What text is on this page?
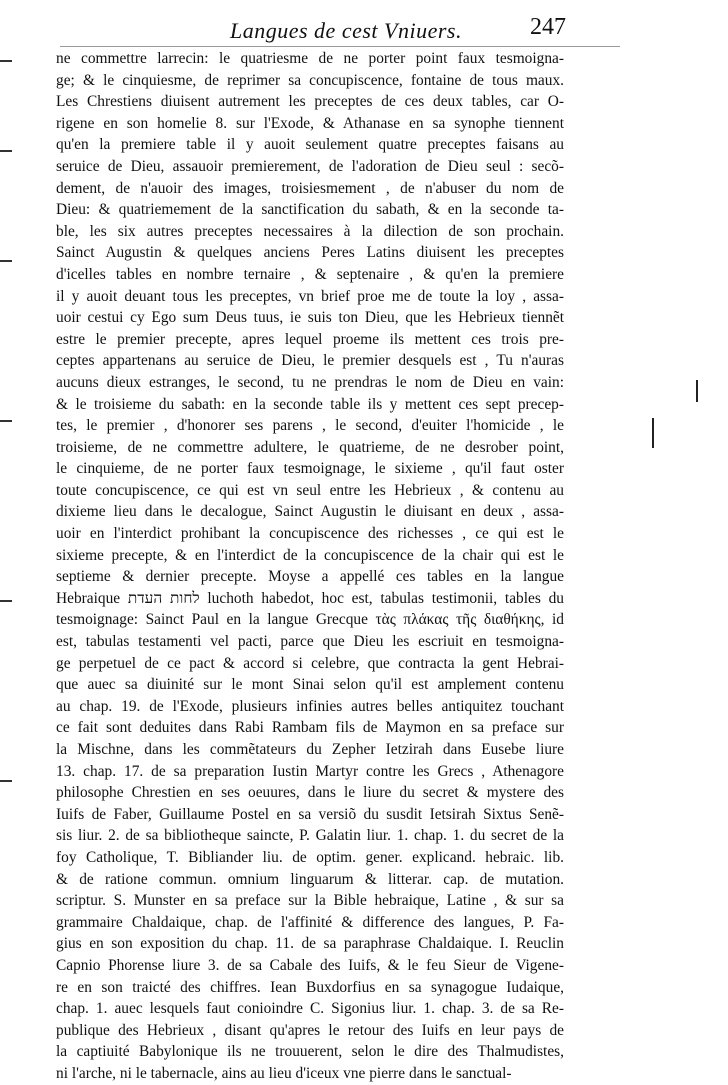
Langues de cest Vniuers.	247
ne commettre larrecin: le quatriesme de ne porter point faux tesmoigna-
ge; & le cinquiesme, de reprimer sa concupiscence, fontaine de tous maux.
Les Chrestiens diuisent autrement les preceptes de ces deux tables, car O-
rigene en son homelie 8. sur l'Exode, & Athanase en sa synophe tiennent
qu'en la premiere table il y auoit seulement quatre preceptes faisans au
seruice de Dieu, assauoir premierement, de l'adoration de Dieu seul : secõ-
dement, de n'auoir des images, troisiesmement , de n'abuser du nom de
Dieu: & quatriemement de la sanctification du sabath, & en la seconde ta-
ble, les six autres preceptes necessaires à la dilection de son prochain.
Sainct Augustin & quelques anciens Peres Latins diuisent les preceptes
d'icelles tables en nombre ternaire , & septenaire , & qu'en la premiere
il y auoit deuant tous les preceptes, vn brief proe me de toute la loy , assa-
uoir cestui cy Ego sum Deus tuus, ie suis ton Dieu, que les Hebrieux tiennẽt
estre le premier precepte, apres lequel proeme ils mettent ces trois pre-
ceptes appartenans au seruice de Dieu, le premier desquels est , Tu n'auras
aucuns dieux estranges, le second, tu ne prendras le nom de Dieu en vain:
& le troisieme du sabath: en la seconde table ils y mettent ces sept precep-
tes, le premier , d'honorer ses parens , le second, d'euiter l'homicide , le
troisieme, de ne commettre adultere, le quatrieme, de ne desrober point,
le cinquieme, de ne porter faux tesmoignage, le sixieme , qu'il faut oster
toute concupiscence, ce qui est vn seul entre les Hebrieux , & contenu au
dixieme lieu dans le decalogue, Sainct Augustin le diuisant en deux , assa-
uoir en l'interdict prohibant la concupiscence des richesses , ce qui est le
sixieme precepte, & en l'interdict de la concupiscence de la chair qui est le
septieme & dernier precepte. Moyse a appellé ces tables en la langue
Hebraique לחות העדת luchoth habedot, hoc est, tabulas testimonii, tables du
tesmoignage: Sainct Paul en la langue Grecque τὰς πλάκας τῆς διαθήκης, id
est, tabulas testamenti vel pacti, parce que Dieu les escriuit en tesmoigna-
ge perpetuel de ce pact & accord si celebre, que contracta la gent Hebrai-
que auec sa diuinité sur le mont Sinai selon qu'il est amplement contenu
au chap. 19. de l'Exode, plusieurs infinies autres belles antiquitez touchant
ce fait sont deduites dans Rabi Rambam fils de Maymon en sa preface sur
la Mischne, dans les commẽtateurs du Zepher Ietzirah dans Eusebe liure
13. chap. 17. de sa preparation Iustin Martyr contre les Grecs , Athenagore
philosophe Chrestien en ses oeuures, dans le liure du secret & mystere des
Iuifs de Faber, Guillaume Postel en sa versiõ du susdit Ietsirah Sixtus Senẽ-
sis liur. 2. de sa bibliotheque saincte, P. Galatin liur. 1. chap. 1. du secret de la
foy Catholique, T. Bibliander liu. de optim. gener. explicand. hebraic. lib.
& de ratione commun. omnium linguarum & litterar. cap. de mutation.
scriptur. S. Munster en sa preface sur la Bible hebraique, Latine , & sur sa
grammaire Chaldaique, chap. de l'affinité & difference des langues, P. Fa-
gius en son exposition du chap. 11. de sa paraphrase Chaldaique. I. Reuclin
Capnio Phorense liure 3. de sa Cabale des Iuifs, & le feu Sieur de Vigene-
re en son traicté des chiffres. Iean Buxdorfius en sa synagogue Iudaique,
chap. 1. auec lesquels faut conioindre C. Sigonius liur. 1. chap. 3. de sa Re-
publique des Hebrieux , disant qu'apres le retour des Iuifs en leur pays de
la captiuité Babylonique ils ne trouuerent, selon le dire des Thalmudistes,
ni l'arche, ni le tabernacle, ains au lieu d'iceux vne pierre dans le sanctual-
